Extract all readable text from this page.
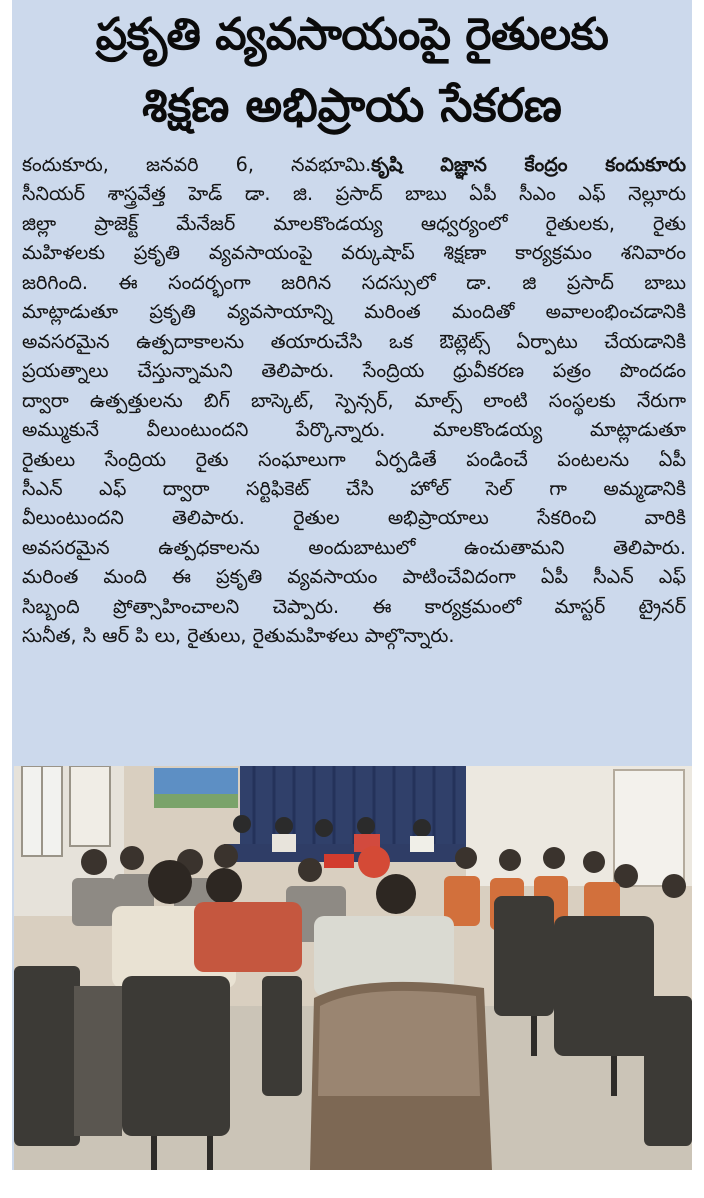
ప్రకృతి వ్యవసాయంపై రైతులకు
శిక్షణ అభిప్రాయ సేకరణ

కందుకూరు, జనవరి 6, నవభూమి.కృషి విజ్ఞాన కేంద్రం కందుకూరు

సీనియర్ శాస్త్రవేత్త హెడ్ డా. జి. ప్రసాద్ బాబు ఏపీ సీఎం ఎఫ్ నెల్లూరు

జిల్లా ప్రాజెక్ట్ మేనేజర్ మాలకొండయ్య ఆధ్వర్యంలో రైతులకు, రైతు

మహిళలకు ప్రకృతి వ్యవసాయంపై వర్కుషాప్ శిక్షణా కార్యక్రమం శనివారం

జరిగింది. ఈ సందర్భంగా జరిగిన సదస్సులో డా. జి ప్రసాద్ బాబు

మాట్లాడుతూ ప్రకృతి వ్యవసాయాన్ని మరింత మందితో అవాలంభించడానికి

అవసరమైన ఉత్పదాకాలను తయారుచేసి ఒక ఔట్లెట్స్ ఏర్పాటు చేయడానికి

ప్రయత్నాలు చేస్తున్నామని తెలిపారు. సేంద్రియ ధ్రువీకరణ పత్రం పొందడం

ద్వారా ఉత్పత్తులను బిగ్ బాస్కెట్, స్పెన్సర్, మాల్స్ లాంటి సంస్థలకు నేరుగా

అమ్ముకునే వీలుంటుందని పేర్కొన్నారు. మాలకొండయ్య మాట్లాడుతూ

రైతులు సేంద్రియ రైతు సంఘాలుగా ఏర్పడితే పండించే పంటలను ఏపీ

సీఎన్ ఎఫ్ ద్వారా సర్టిఫికెట్ చేసి హోల్ సెల్ గా అమ్మడానికి

వీలుంటుందని తెలిపారు. రైతుల అభిప్రాయాలు సేకరించి వారికి

అవసరమైన ఉత్పధకాలను అందుబాటులో ఉంచుతామని తెలిపారు.

మరింత మంది ఈ ప్రకృతి వ్యవసాయం పాటించేవిదంగా ఏపీ సీఎన్ ఎఫ్

సిబ్బంది ప్రోత్సాహించాలని చెప్పారు. ఈ కార్యక్రమంలో మాస్టర్ ట్రైనర్

సునీత, సి ఆర్ పి లు, రైతులు, రైతుమహిళలు పాల్గొన్నారు.
